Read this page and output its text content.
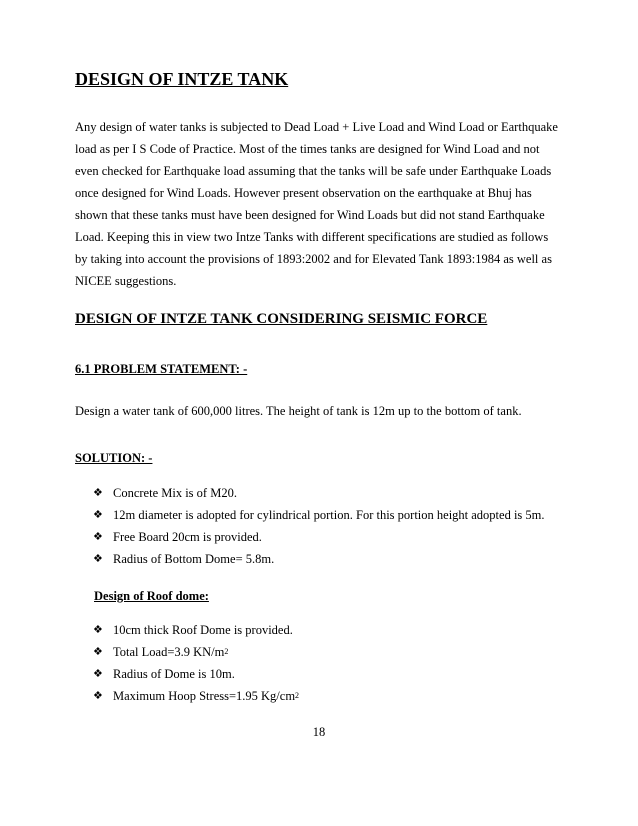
DESIGN OF INTZE TANK
Any design of water tanks is subjected to Dead Load + Live Load and Wind Load or Earthquake
load as per I S Code of Practice. Most of the times tanks are designed for Wind Load and not
even checked for Earthquake load assuming that the tanks will be safe under Earthquake Loads
once designed for Wind Loads. However present observation on the earthquake at Bhuj has
shown that these tanks must have been designed for Wind Loads but did not stand Earthquake
Load. Keeping this in view two Intze Tanks with different specifications are studied as follows
by taking into account the provisions of 1893:2002 and for Elevated Tank 1893:1984 as well as
NICEE suggestions.
DESIGN OF INTZE TANK CONSIDERING SEISMIC FORCE
6.1 PROBLEM STATEMENT: -
Design a water tank of 600,000 litres. The height of tank is 12m up to the bottom of tank.
SOLUTION: -
❖ Concrete Mix is of M20.
❖ 12m diameter is adopted for cylindrical portion. For this portion height adopted is 5m.
❖ Free Board 20cm is provided.
❖ Radius of Bottom Dome= 5.8m.
Design of Roof dome:
❖ 10cm thick Roof Dome is provided.
❖ Total Load=3.9 KN/m 2
❖ Radius of Dome is 10m.
❖ Maximum Hoop Stress=1.95 Kg/cm 2
18
